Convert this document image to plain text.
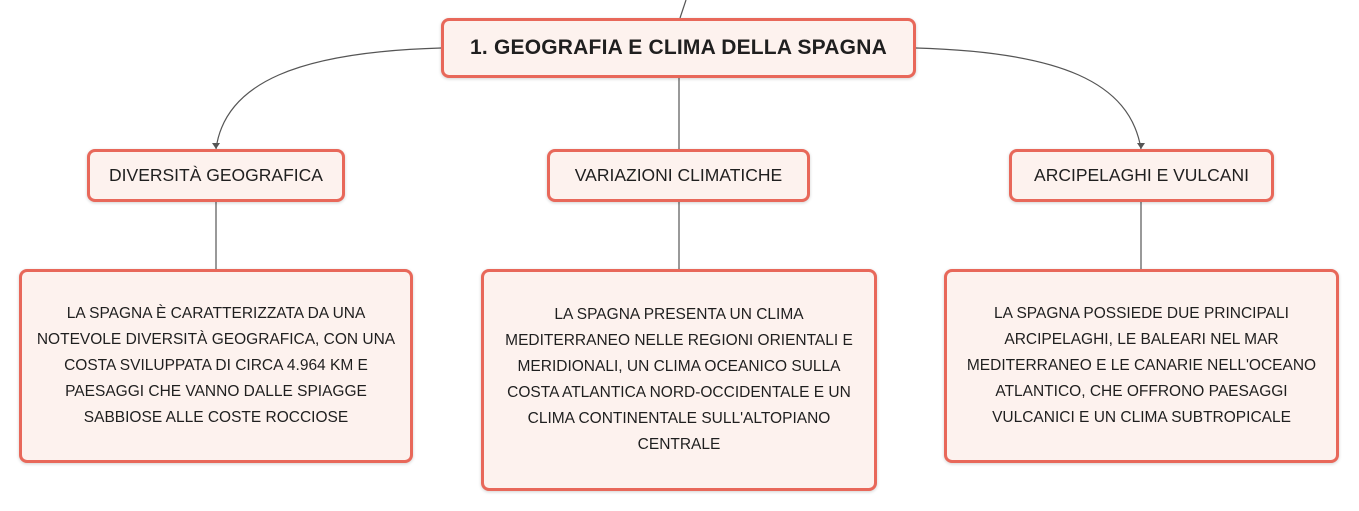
1. GEOGRAFIA E CLIMA DELLA SPAGNA
DIVERSITÀ GEOGRAFICA	VARIAZIONI CLIMATICHE	ARCIPELAGHI E VULCANI
LA SPAGNA È CARATTERIZZATA DA UNA NOTEVOLE DIVERSITÀ GEOGRAFICA, CON UNA COSTA SVILUPPATA DI CIRCA 4.964 KM E PAESAGGI CHE VANNO DALLE SPIAGGE SABBIOSE ALLE COSTE ROCCIOSE
LA SPAGNA PRESENTA UN CLIMA MEDITERRANEO NELLE REGIONI ORIENTALI E MERIDIONALI, UN CLIMA OCEANICO SULLA COSTA ATLANTICA NORD-OCCIDENTALE E UN CLIMA CONTINENTALE SULL'ALTOPIANO CENTRALE
LA SPAGNA POSSIEDE DUE PRINCIPALI ARCIPELAGHI, LE BALEARI NEL MAR MEDITERRANEO E LE CANARIE NELL'OCEANO ATLANTICO, CHE OFFRONO PAESAGGI VULCANICI E UN CLIMA SUBTROPICALE
